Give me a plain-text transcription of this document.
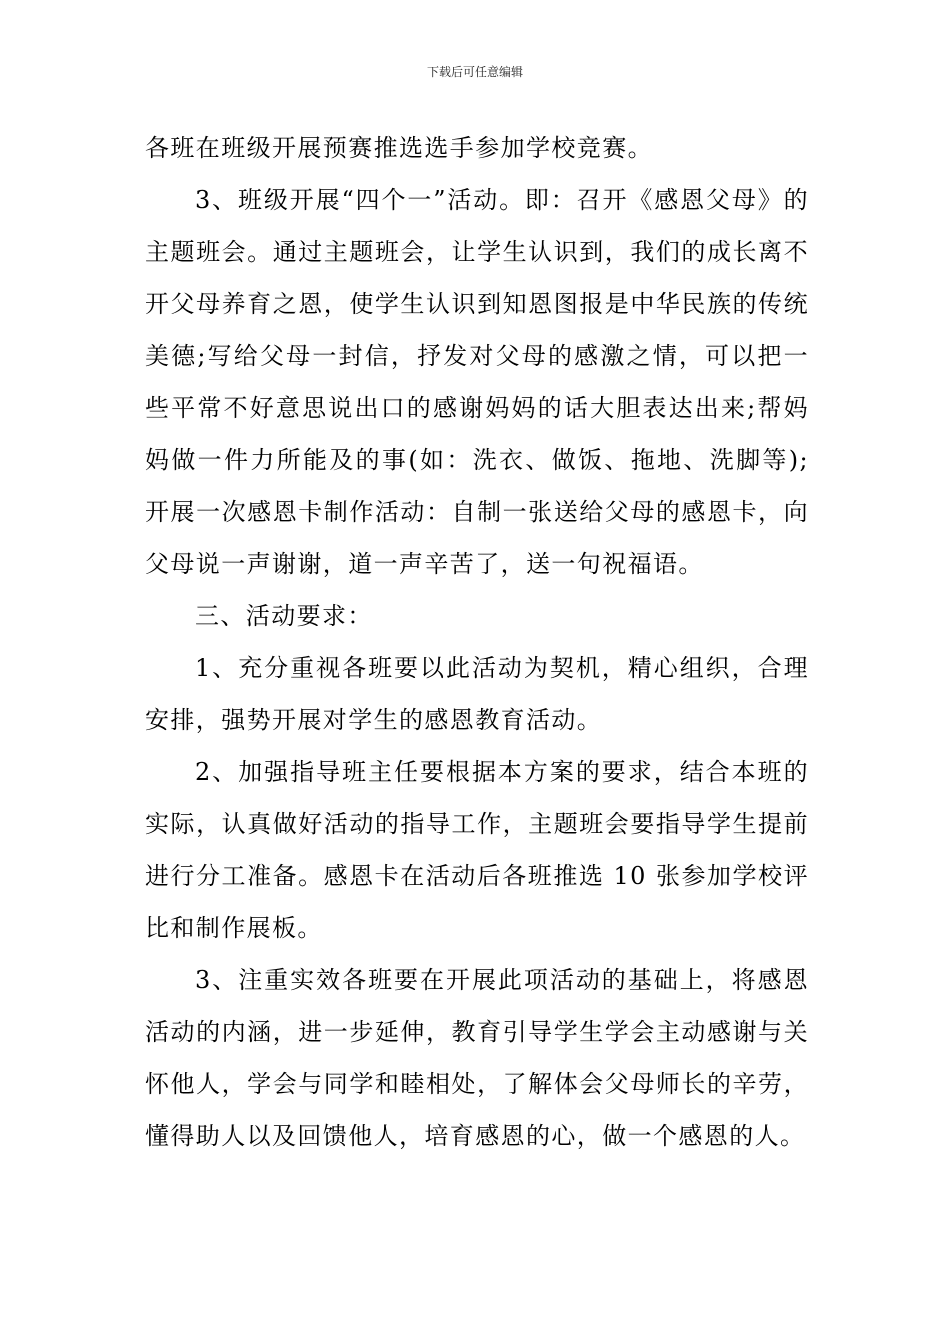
下载后可任意编辑

各班在班级开展预赛推选选手参加学校竞赛。

3、班级开展“四个一”活动。即：召开《感恩父母》的主题班会。通过主题班会，让学生认识到，我们的成长离不开父母养育之恩，使学生认识到知恩图报是中华民族的传统美德;写给父母一封信，抒发对父母的感激之情，可以把一些平常不好意思说出口的感谢妈妈的话大胆表达出来;帮妈妈做一件力所能及的事(如：洗衣、做饭、拖地、洗脚等);开展一次感恩卡制作活动：自制一张送给父母的感恩卡，向父母说一声谢谢，道一声辛苦了，送一句祝福语。

三、活动要求：

1、充分重视各班要以此活动为契机，精心组织，合理安排，强势开展对学生的感恩教育活动。

2、加强指导班主任要根据本方案的要求，结合本班的实际，认真做好活动的指导工作，主题班会要指导学生提前进行分工准备。感恩卡在活动后各班推选 10 张参加学校评比和制作展板。

3、注重实效各班要在开展此项活动的基础上，将感恩活动的内涵，进一步延伸，教育引导学生学会主动感谢与关怀他人，学会与同学和睦相处，了解体会父母师长的辛劳，懂得助人以及回馈他人，培育感恩的心，做一个感恩的人。
